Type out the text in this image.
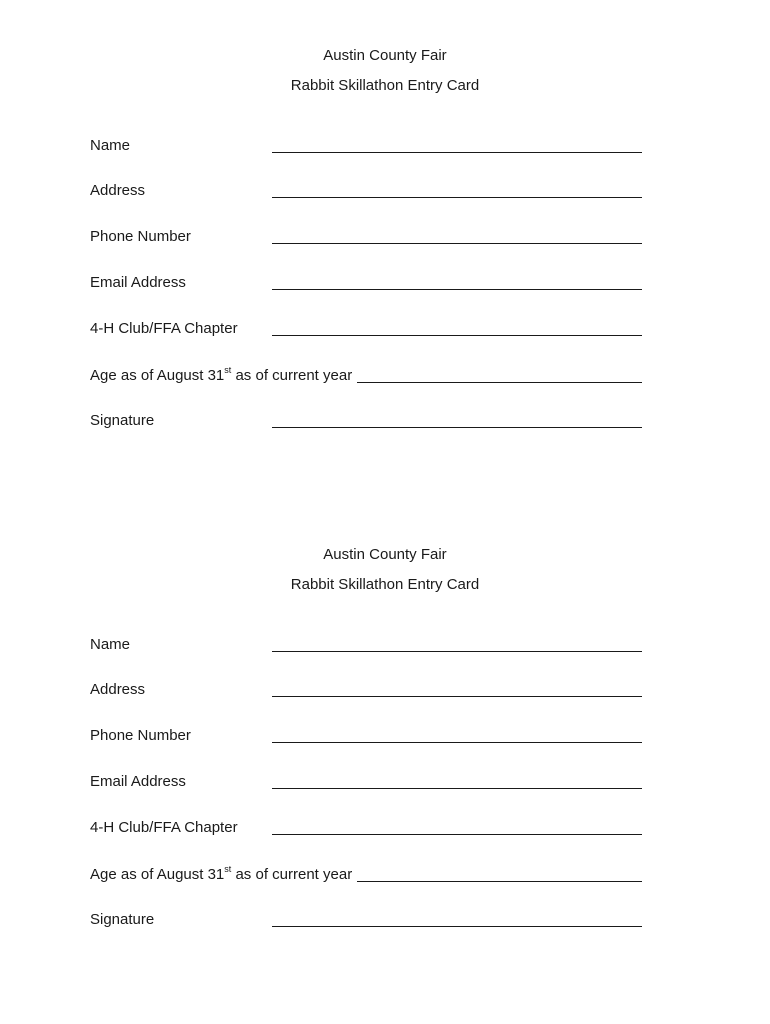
Austin County Fair
Rabbit Skillathon Entry Card
Name
Address
Phone Number
Email Address
4-H Club/FFA Chapter
Age as of August 31st as of current year
Signature
Austin County Fair
Rabbit Skillathon Entry Card
Name
Address
Phone Number
Email Address
4-H Club/FFA Chapter
Age as of August 31st as of current year
Signature
